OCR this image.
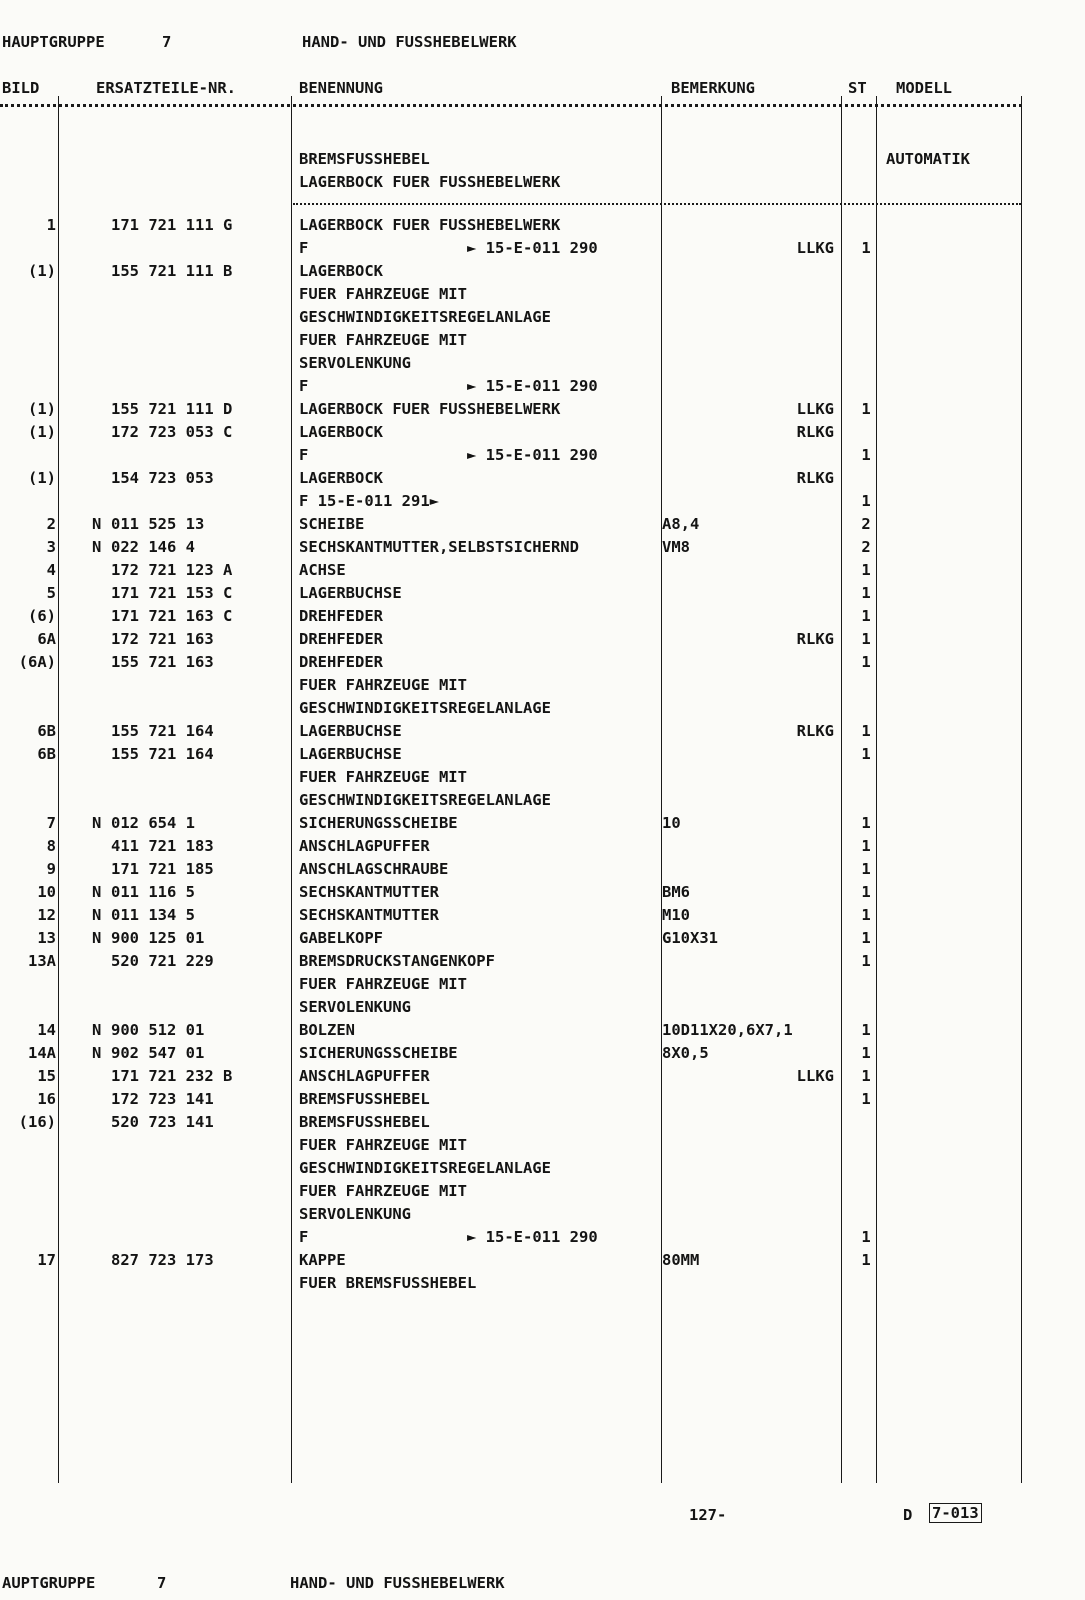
HAUPTGRUPPE	7	HAND- UND FUSSHEBELWERK
BILD	ERSATZTEILE-NR.	BENENNUNG	BEMERKUNG	ST MODELL
BREMSFUSSHEBEL
LAGERBOCK FUER FUSSHEBELWERK
AUTOMATIK
1	171 721 111 G	LAGERBOCK FUER FUSSHEBELWERK
F	► 15-E-011 290	LLKG 1
(1)	155 721 111 B	LAGERBOCK
FUER FAHRZEUGE MIT
GESCHWINDIGKEITSREGELANLAGE
FUER FAHRZEUGE MIT
SERVOLENKUNG
F	► 15-E-011 290
(1)	155 721 111 D	LAGERBOCK FUER FUSSHEBELWERK	LLKG 1
(1)	172 723 053 C	LAGERBOCK	RLKG
F	► 15-E-011 290	1
(1)	154 723 053	LAGERBOCK	RLKG
F 15-E-011 291►	1
2 N 011 525 13	SCHEIBE	A8,4	2
3 N 022 146 4	SECHSKANTMUTTER,SELBSTSICHERND	VM8	2
4	172 721 123 A	ACHSE	1
5	171 721 153 C	LAGERBUCHSE	1
(6)	171 721 163 C	DREHFEDER	1
6A	172 721 163	DREHFEDER	RLKG 1
(6A)	155 721 163	DREHFEDER	1
FUER FAHRZEUGE MIT
GESCHWINDIGKEITSREGELANLAGE
6B	155 721 164	LAGERBUCHSE	RLKG 1
6B	155 721 164	LAGERBUCHSE	1
FUER FAHRZEUGE MIT
GESCHWINDIGKEITSREGELANLAGE
7 N 012 654 1	SICHERUNGSSCHEIBE	10	1
8	411 721 183	ANSCHLAGPUFFER	1
9	171 721 185	ANSCHLAGSCHRAUBE	1
10 N 011 116 5	SECHSKANTMUTTER	BM6	1
12 N 011 134 5	SECHSKANTMUTTER	M10	1
13 N 900 125 01	GABELKOPF	G10X31	1
13A	520 721 229	BREMSDRUCKSTANGENKOPF	1
FUER FAHRZEUGE MIT
SERVOLENKUNG
14 N 900 512 01	BOLZEN	10D11X20,6X7,1	1
14A N 902 547 01	SICHERUNGSSCHEIBE	8X0,5	1
15	171 721 232 B	ANSCHLAGPUFFER	LLKG 1
16	172 723 141	BREMSFUSSHEBEL	1
(16)	520 723 141	BREMSFUSSHEBEL
FUER FAHRZEUGE MIT
GESCHWINDIGKEITSREGELANLAGE
FUER FAHRZEUGE MIT
SERVOLENKUNG
F	► 15-E-011 290	1
17	827 723 173	KAPPE	80MM	1
FUER BREMSFUSSHEBEL
127-	D 7-013
AUPTGRUPPE	7	HAND- UND FUSSHEBELWERK
